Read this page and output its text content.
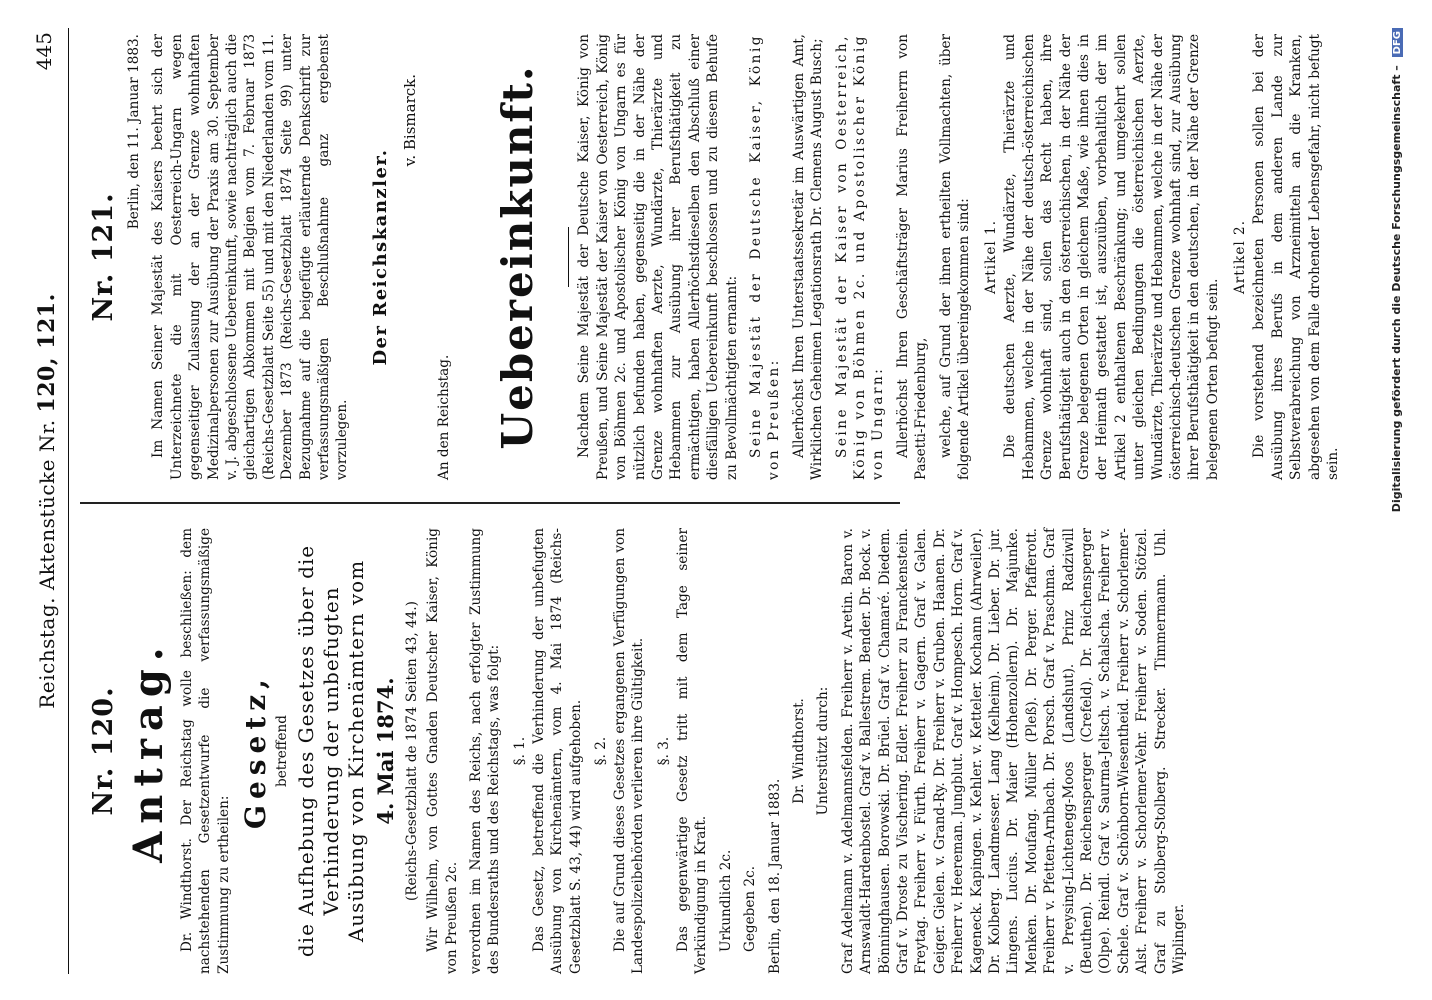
Reichstag. Aktenstücke Nr. 120, 121.
445
Nr. 120. Antrag. Dr. Windthorst. Der Reichstag wolle beschließen: dem nachstehenden Gesetzentwurfe die verfassungsmäßige Zustimmung zu ertheilen:

Gesetz, betreffend die Aufhebung des Gesetzes über die Verhinderung der unbefugten Ausübung von Kirchenämtern vom 4. Mai 1874. (Reichs-Gesetzblatt de 1874 Seiten 43, 44.) Wir Wilhelm, von Gottes Gnaden Deutscher Kaiser, König von Preußen 2c. verordnen im Namen des Reichs, nach erfolgter Zustimmung des Bundesraths und des Reichstags, was folgt: §. 1. Das Gesetz, betreffend die Verhinderung der unbefugten Ausübung von Kirchenämtern, vom 4. Mai 1874 (Reichs-Gesetzblatt S. 43, 44) wird aufgehoben. §. 2. Die auf Grund dieses Gesetzes ergangenen Verfügungen von Landespolizeibehörden verlieren ihre Gültigkeit. §. 3. Das gegenwärtige Gesetz tritt mit dem Tage seiner Verkündigung in Kraft. Urkundlich 2c. Gegeben 2c. Berlin, den 18. Januar 1883.

Dr. Windthorst. Unterstützt durch: Graf Adelmann v. Adelmannsfelden. Freiherr v. Aretin. Baron v. Arnswaldt-Hardenbostel. Graf v. Ballestrem. Bender. Dr. Bock. v. Bönninghausen. Borowski. Dr. Brüel. Graf v. Chamaré. Diedem. Graf v. Droste zu Vischering. Edler. Freiherr zu Franckenstein. Freytag. Freiherr v. Fürth. Freiherr v. Gagern. Graf v. Galen. Geiger. Gielen. v. Grand-Ry. Dr. Freiherr v. Gruben. Haanen. Dr. Freiherr v. Heereman. Jungblut. Graf v. Hompesch. Horn. Graf v. Kageneck. Kapingen. v. Kehler. v. Ketteler. Kochann (Ahrweiler). Dr. Kolberg. Landmesser. Lang (Kelheim). Dr. Lieber. Dr. jur. Lingens. Lucius. Dr. Maier (Hohenzollern). Dr. Majunke. Menken. Dr. Moufang. Müller (Pleß). Dr. Perger. Pfafferott. Freiherr v. Pfetten-Arnbach. Dr. Porsch. Graf v. Praschma. Graf v. Preysing-Lichtenegg-Moos (Landshut). Prinz Radziwill (Beuthen). Dr. Reichensperger (Crefeld). Dr. Reichensperger (Olpe). Reindl. Graf v. Saurma-Jeltsch. v. Schalscha. Freiherr v. Schele. Graf v. Schönborn-Wiesentheid. Freiherr v. Schorlemer-Alst. Freiherr v. Schorlemer-Vehr. Freiherr v. Soden. Stötzel. Graf zu Stolberg-Stolberg. Strecker. Timmermann. Uhl. Wiplinger.
Nr. 121.

Berlin, den 11. Januar 1883. Im Namen Seiner Majestät des Kaisers beehrt sich der Unterzeichnete die mit Oesterreich-Ungarn wegen gegenseitiger Zulassung der an der Grenze wohnhaften Medizinalpersonen zur Ausübung der Praxis am 30. September v. J. abgeschlossene Uebereinkunft, sowie nachträglich auch die gleichartigen Abkommen mit Belgien vom 7. Februar 1873 (Reichs-Gesetzblatt Seite 55) und mit den Niederlanden vom 11. Dezember 1873 (Reichs-Gesetzblatt 1874 Seite 99) unter Bezugnahme auf die beigefügte erläuternde Denkschrift zur verfassungsmäßigen Beschlußnahme ganz ergebenst vorzulegen.

Der Reichskanzler.
v. Bismarck.

An den Reichstag. Uebereinkunft.	Nachdem Seine Majestät der Deutsche Kaiser, König von Preußen, und Seine Majestät der Kaiser von Oesterreich, König von Böhmen 2c. und Apostolischer König von Ungarn es für nützlich befunden haben, gegenseitig die in der Nähe der Grenze wohnhaften Aerzte, Wundärzte, Thierärzte und Hebammen zur Ausübung ihrer Berufsthätigkeit zu ermächtigen, haben Allerhöchstdieselben den Abschluß einer diesfälligen Uebereinkunft beschlossen und zu diesem Behufe zu Bevollmächtigten ernannt: Seine Majestät der Deutsche Kaiser, König von Preußen: Allerhöchst Ihren Unterstaatssekretär im Auswärtigen Amt, Wirklichen Geheimen Legationsrath Dr. Clemens August Busch; Seine Majestät der Kaiser von Oesterreich, König von Böhmen 2c. und Apostolischer König von Ungarn: Allerhöchst Ihren Geschäftsträger Marius Freiherrn von Pasetti-Friedenburg, welche, auf Grund der ihnen ertheilten Vollmachten, über folgende Artikel übereingekommen sind: Artikel 1. Die deutschen Aerzte, Wundärzte, Thierärzte und Hebammen, welche in der Nähe der deutsch-österreichischen Grenze wohnhaft sind, sollen das Recht haben, ihre Berufsthätigkeit auch in den österreichischen, in der Nähe der Grenze belegenen Orten in gleichem Maße, wie ihnen dies in der Heimath gestattet ist, auszuüben, vorbehaltlich der im Artikel 2 enthaltenen Beschränkung; und umgekehrt sollen unter gleichen Bedingungen die österreichischen Aerzte, Wundärzte, Thierärzte und Hebammen, welche in der Nähe der österreichisch-deutschen Grenze wohnhaft sind, zur Ausübung ihrer Berufsthätigkeit in den deutschen, in der Nähe der Grenze belegenen Orten befugt sein.

Artikel 2. Die vorstehend bezeichneten Personen sollen bei der Ausübung ihres Berufs in dem anderen Lande zur Selbstverabreichung von Arzneimitteln an die Kranken, abgesehen von dem Falle drohender Lebensgefahr, nicht befugt sein.	Digitalisierung gefördert durch die Deutsche Forschungsgemeinschaft – DFG
